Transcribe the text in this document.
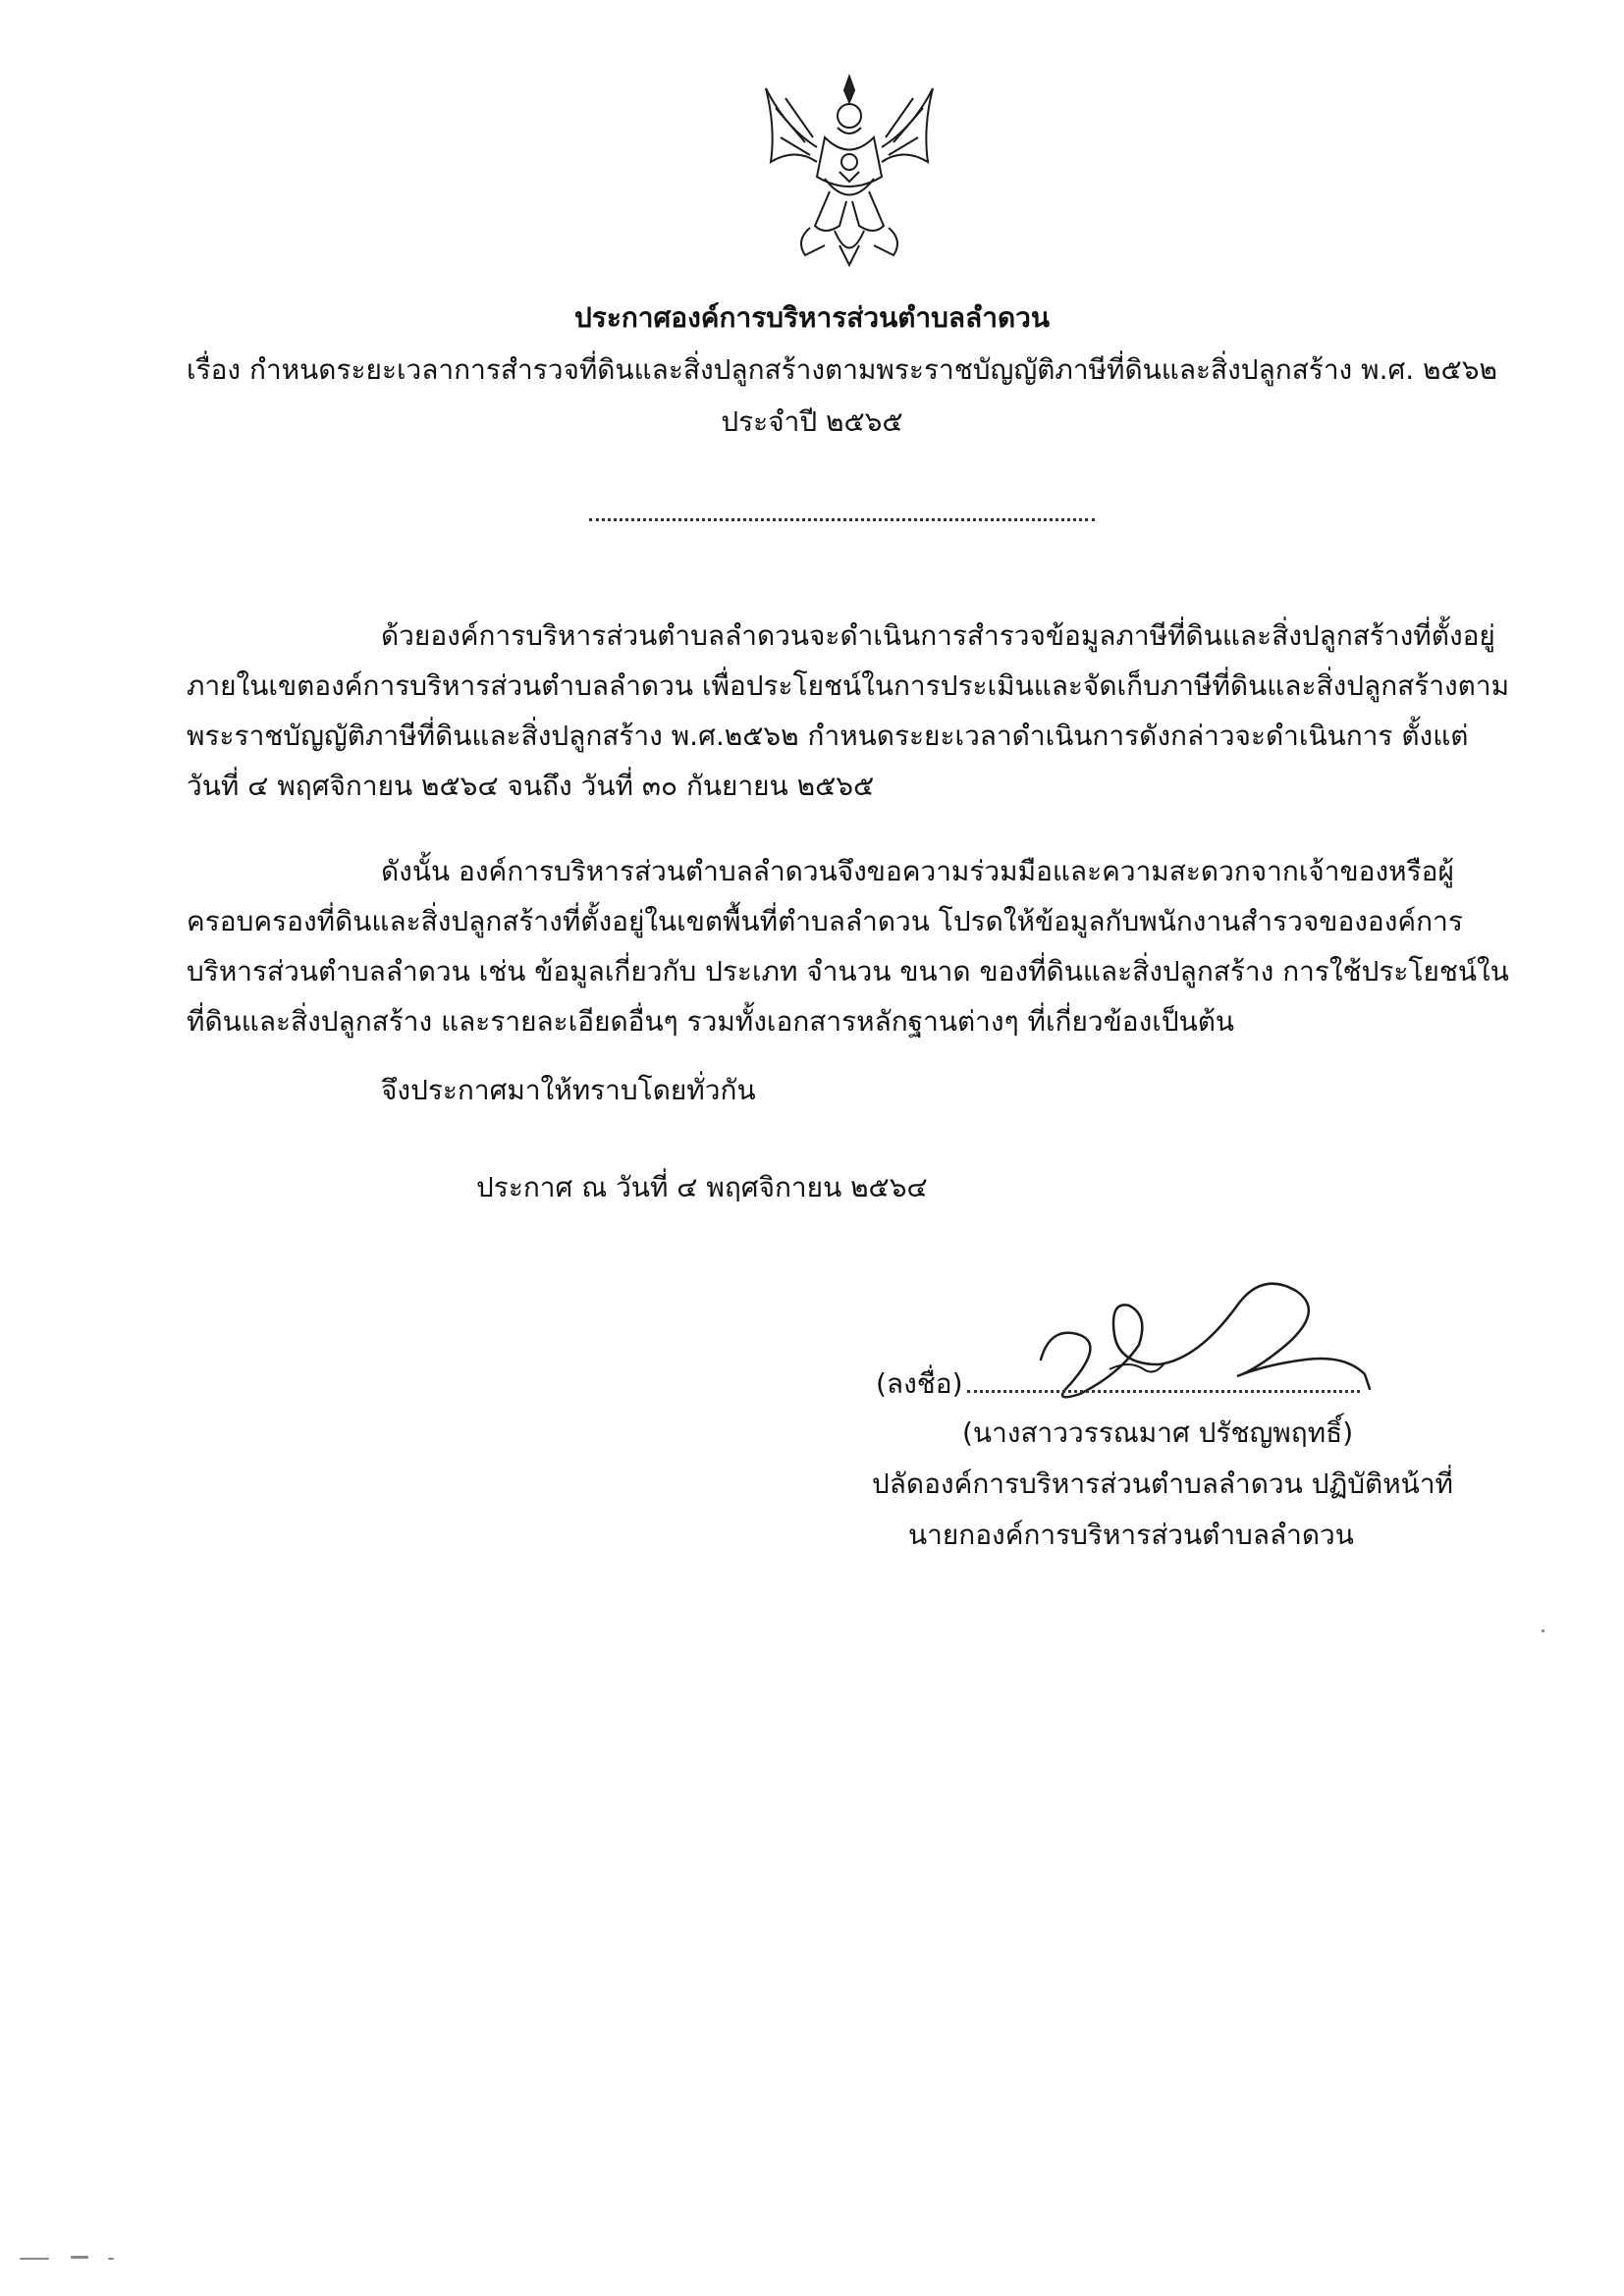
ประกาศองค์การบริหารส่วนตำบลลำดวน
เรื่อง กำหนดระยะเวลาการสำรวจที่ดินและสิ่งปลูกสร้างตามพระราชบัญญัติภาษีที่ดินและสิ่งปลูกสร้าง พ.ศ. ๒๕๖๒
ประจำปี ๒๕๖๕
ด้วยองค์การบริหารส่วนตำบลลำดวนจะดำเนินการสำรวจข้อมูลภาษีที่ดินและสิ่งปลูกสร้างที่ตั้งอยู่
ภายในเขตองค์การบริหารส่วนตำบลลำดวน เพื่อประโยชน์ในการประเมินและจัดเก็บภาษีที่ดินและสิ่งปลูกสร้างตาม
พระราชบัญญัติภาษีที่ดินและสิ่งปลูกสร้าง พ.ศ.๒๕๖๒ กำหนดระยะเวลาดำเนินการดังกล่าวจะดำเนินการ ตั้งแต่
วันที่ ๔ พฤศจิกายน ๒๕๖๔ จนถึง วันที่ ๓๐ กันยายน ๒๕๖๕
ดังนั้น องค์การบริหารส่วนตำบลลำดวนจึงขอความร่วมมือและความสะดวกจากเจ้าของหรือผู้
ครอบครองที่ดินและสิ่งปลูกสร้างที่ตั้งอยู่ในเขตพื้นที่ตำบลลำดวน โปรดให้ข้อมูลกับพนักงานสำรวจขององค์การ
บริหารส่วนตำบลลำดวน เช่น ข้อมูลเกี่ยวกับ ประเภท จำนวน ขนาด ของที่ดินและสิ่งปลูกสร้าง การใช้ประโยชน์ใน
ที่ดินและสิ่งปลูกสร้าง และรายละเอียดอื่นๆ รวมทั้งเอกสารหลักฐานต่างๆ ที่เกี่ยวข้องเป็นต้น
จึงประกาศมาให้ทราบโดยทั่วกัน
ประกาศ ณ วันที่ ๔ พฤศจิกายน ๒๕๖๔
(ลงชื่อ)
(นางสาววรรณมาศ ปรัชญพฤทธิ์)
ปลัดองค์การบริหารส่วนตำบลลำดวน ปฏิบัติหน้าที่
นายกองค์การบริหารส่วนตำบลลำดวน
